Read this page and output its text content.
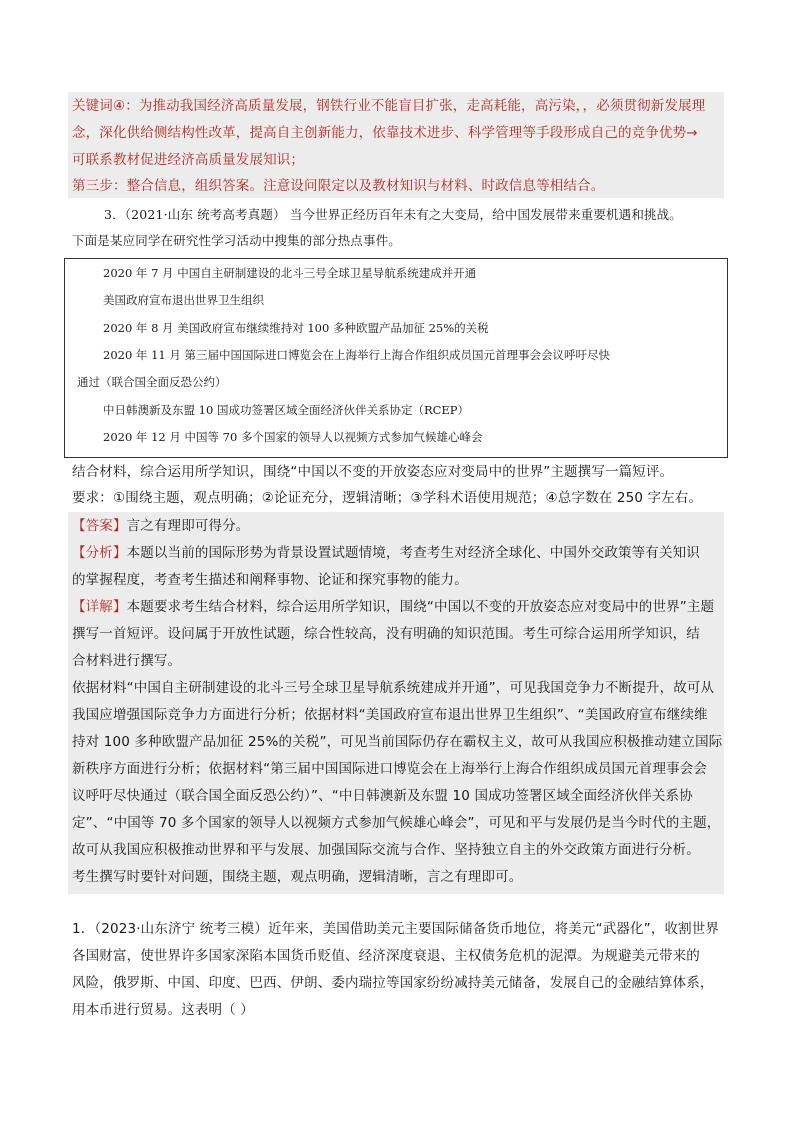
关键词④：为推动我国经济高质量发展，钢铁行业不能盲目扩张，走高耗能，高污染，，必须贯彻新发展理
念，深化供给侧结构性改革，提高自主创新能力，依靠技术进步、科学管理等手段形成自己的竞争优势→
可联系教材促进经济高质量发展知识；
第三步：整合信息，组织答案。注意设问限定以及教材知识与材料、时政信息等相结合。
3．（2021·山东 统考高考真题） 当今世界正经历百年未有之大变局，给中国发展带来重要机遇和挑战。
下面是某应同学在研究性学习活动中搜集的部分热点事件。
2020 年 7 月 中国自主研制建设的北斗三号全球卫星导航系统建成并开通
美国政府宣布退出世界卫生组织
2020 年 8 月 美国政府宣布继续维持对 100 多种欧盟产品加征 25%的关税
2020 年 11 月 第三届中国国际进口博览会在上海举行上海合作组织成员国元首理事会会议呼吁尽快
通过（联合国全面反恐公约）
中日韩澳新及东盟 10 国成功签署区域全面经济伙伴关系协定（RCEP）
2020 年 12 月 中国等 70 多个国家的领导人以视频方式参加气候雄心峰会
结合材料，综合运用所学知识，围绕“中国以不变的开放姿态应对变局中的世界”主题撰写一篇短评。
要求：①围绕主题，观点明确；②论证充分，逻辑清晰；③学科术语使用规范；④总字数在 250 字左右。
【答案】言之有理即可得分。
【分析】本题以当前的国际形势为背景设置试题情境，考查考生对经济全球化、中国外交政策等有关知识
的掌握程度，考查考生描述和阐释事物、论证和探究事物的能力。
【详解】本题要求考生结合材料，综合运用所学知识，围绕“中国以不变的开放姿态应对变局中的世界”主题
撰写一首短评。设问属于开放性试题，综合性较高，没有明确的知识范围。考生可综合运用所学知识，结
合材料进行撰写。
依据材料“中国自主研制建设的北斗三号全球卫星导航系统建成并开通”，可见我国竞争力不断提升，故可从
我国应增强国际竞争力方面进行分析；依据材料“美国政府宣布退出世界卫生组织”、“美国政府宣布继续维
持对 100 多种欧盟产品加征 25%的关税”，可见当前国际仍存在霸权主义，故可从我国应积极推动建立国际
新秩序方面进行分析；依据材料“第三届中国国际进口博览会在上海举行上海合作组织成员国元首理事会会
议呼吁尽快通过（联合国全面反恐公约）”、“中日韩澳新及东盟 10 国成功签署区域全面经济伙伴关系协
定”、“中国等 70 多个国家的领导人以视频方式参加气候雄心峰会”，可见和平与发展仍是当今时代的主题，
故可从我国应积极推动世界和平与发展、加强国际交流与合作、坚持独立自主的外交政策方面进行分析。
考生撰写时要针对问题，围绕主题，观点明确，逻辑清晰，言之有理即可。
1．（2023·山东济宁 统考三模）近年来，美国借助美元主要国际储备货币地位，将美元“武器化”，收割世界
各国财富，使世界许多国家深陷本国货币贬值、经济深度衰退、主权债务危机的泥潭。为规避美元带来的
风险，俄罗斯、中国、印度、巴西、伊朗、委内瑞拉等国家纷纷减持美元储备，发展自己的金融结算体系，
用本币进行贸易。这表明（ ）
